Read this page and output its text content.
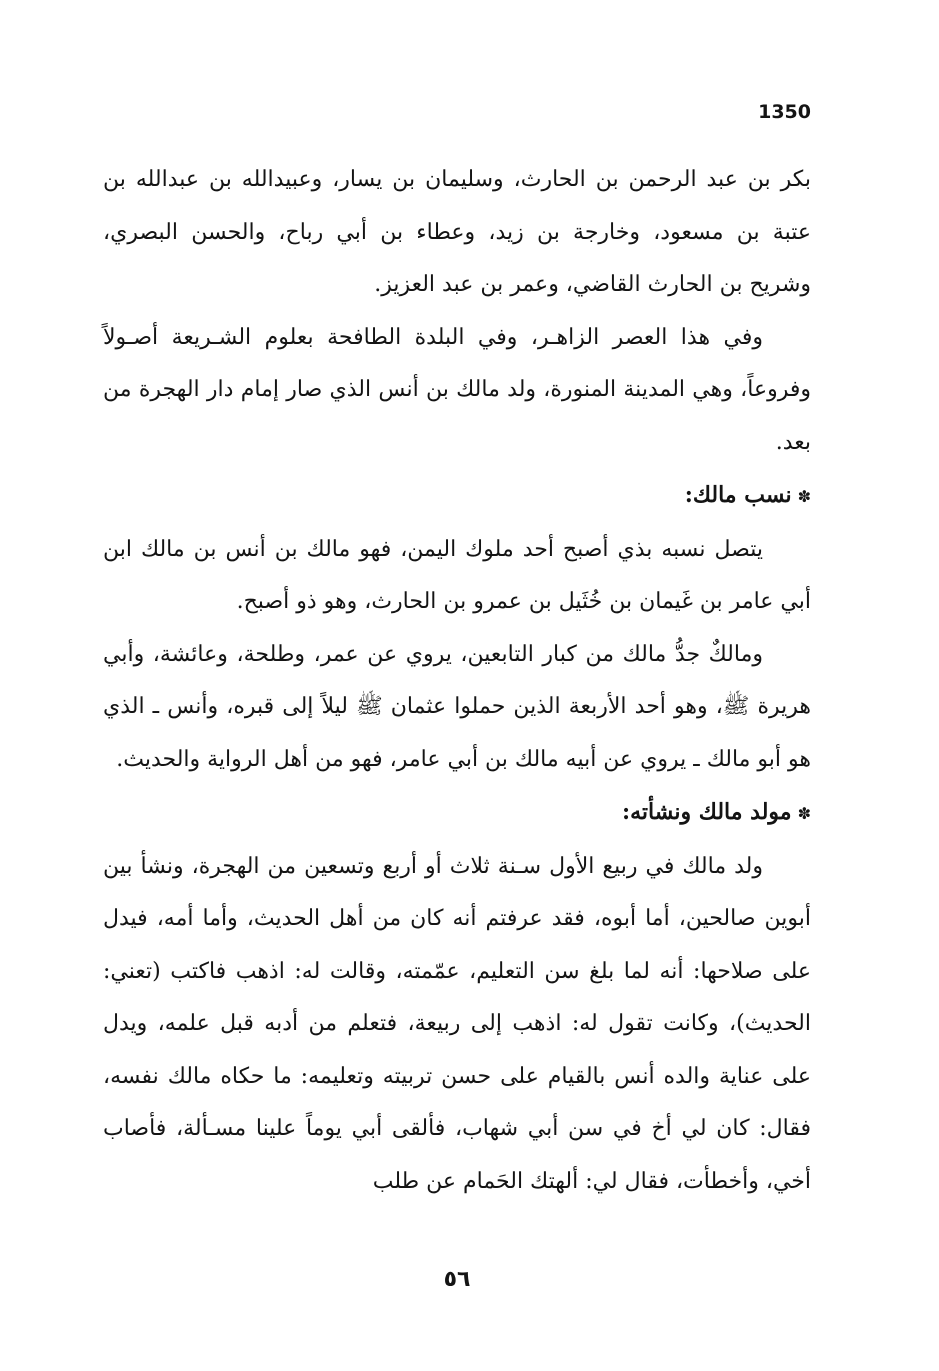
1350

بكر بن عبد الرحمن بن الحارث، وسليمان بن يسار، وعبيدالله بن عبدالله بن عتبة بن مسعود، وخارجة بن زيد، وعطاء بن أبي رباح، والحسن البصري، وشريح بن الحارث القاضي، وعمر بن عبد العزيز.

وفي هذا العصر الزاهـر، وفي البلدة الطافحة بعلوم الشـريعة أصـولاً وفروعاً، وهي المدينة المنورة، ولد مالك بن أنس الذي صار إمام دار الهجرة من بعد.

✽نسب مالك:

يتصل نسبه بذي أصبح أحد ملوك اليمن، فهو مالك بن أنس بن مالك ابن أبي عامر بن غَيمان بن خُثَيل بن عمرو بن الحارث، وهو ذو أصبح.

ومالكٌ جدُّ مالك من كبار التابعين، يروي عن عمر، وطلحة، وعائشة، وأبي هريرة ﷺ، وهو أحد الأربعة الذين حملوا عثمان ﷺ ليلاً إلى قبره، وأنس ـ الذي هو أبو مالك ـ يروي عن أبيه مالك بن أبي عامر، فهو من أهل الرواية والحديث.

✽مولد مالك ونشأته:

ولد مالك في ربيع الأول سـنة ثلاث أو أربع وتسعين من الهجرة، ونشأ بين أبوين صالحين، أما أبوه، فقد عرفتم أنه كان من أهل الحديث، وأما أمه، فيدل على صلاحها: أنه لما بلغ سن التعليم، عمّمته، وقالت له: اذهب فاكتب (تعني: الحديث)، وكانت تقول له: اذهب إلى ربيعة، فتعلم من أدبه قبل علمه، ويدل على عناية والده أنس بالقيام على حسن تربيته وتعليمه: ما حكاه مالك نفسه، فقال: كان لي أخ في سن أبي شهاب، فألقى أبي يوماً علينا مسـألة، فأصاب أخي، وأخطأت، فقال لي: ألهتك الحَمام عن طلب

٥٦
